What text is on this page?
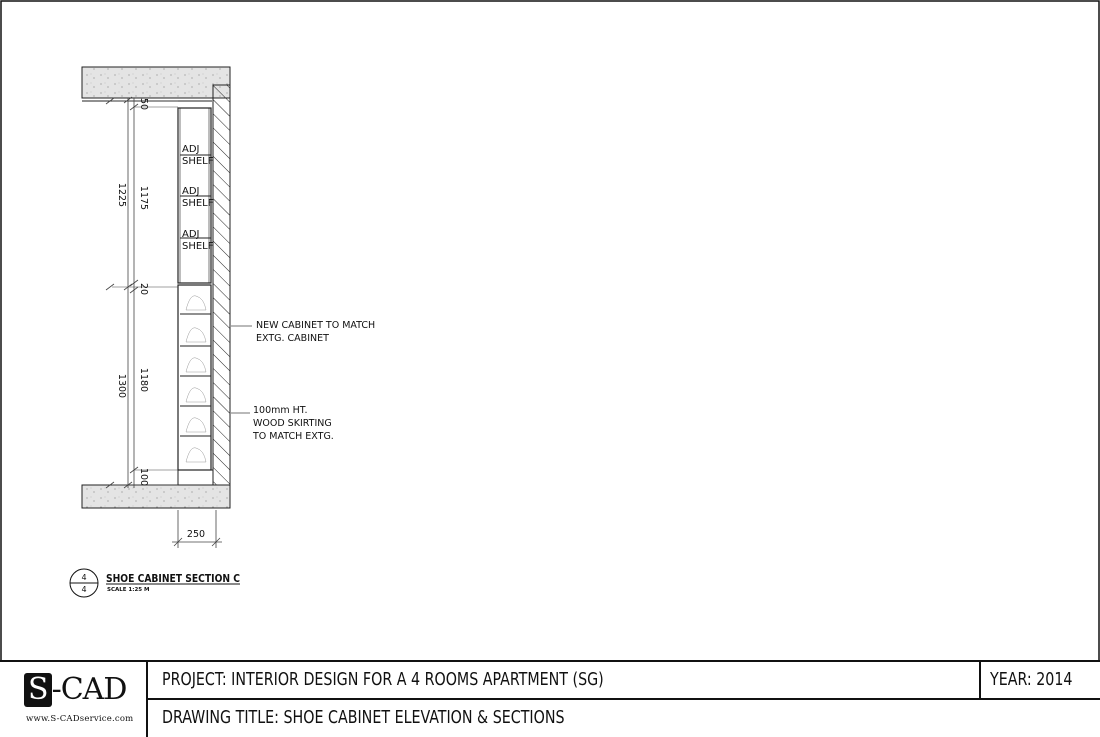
ADJ
SHELF
ADJ
SHELF
ADJ
SHELF
NEW CABINET TO MATCH
EXTG. CABINET
100mm HT.
WOOD SKIRTING
TO MATCH EXTG.
1225
1300
50
1175
20
1180
100
250
4
4
SHOE CABINET SECTION C
SCALE 1:25 M
S -CAD
www.S-CADservice.com
PROJECT: INTERIOR DESIGN FOR A 4 ROOMS APARTMENT (SG)	YEAR: 2014
DRAWING TITLE: SHOE CABINET ELEVATION & SECTIONS
